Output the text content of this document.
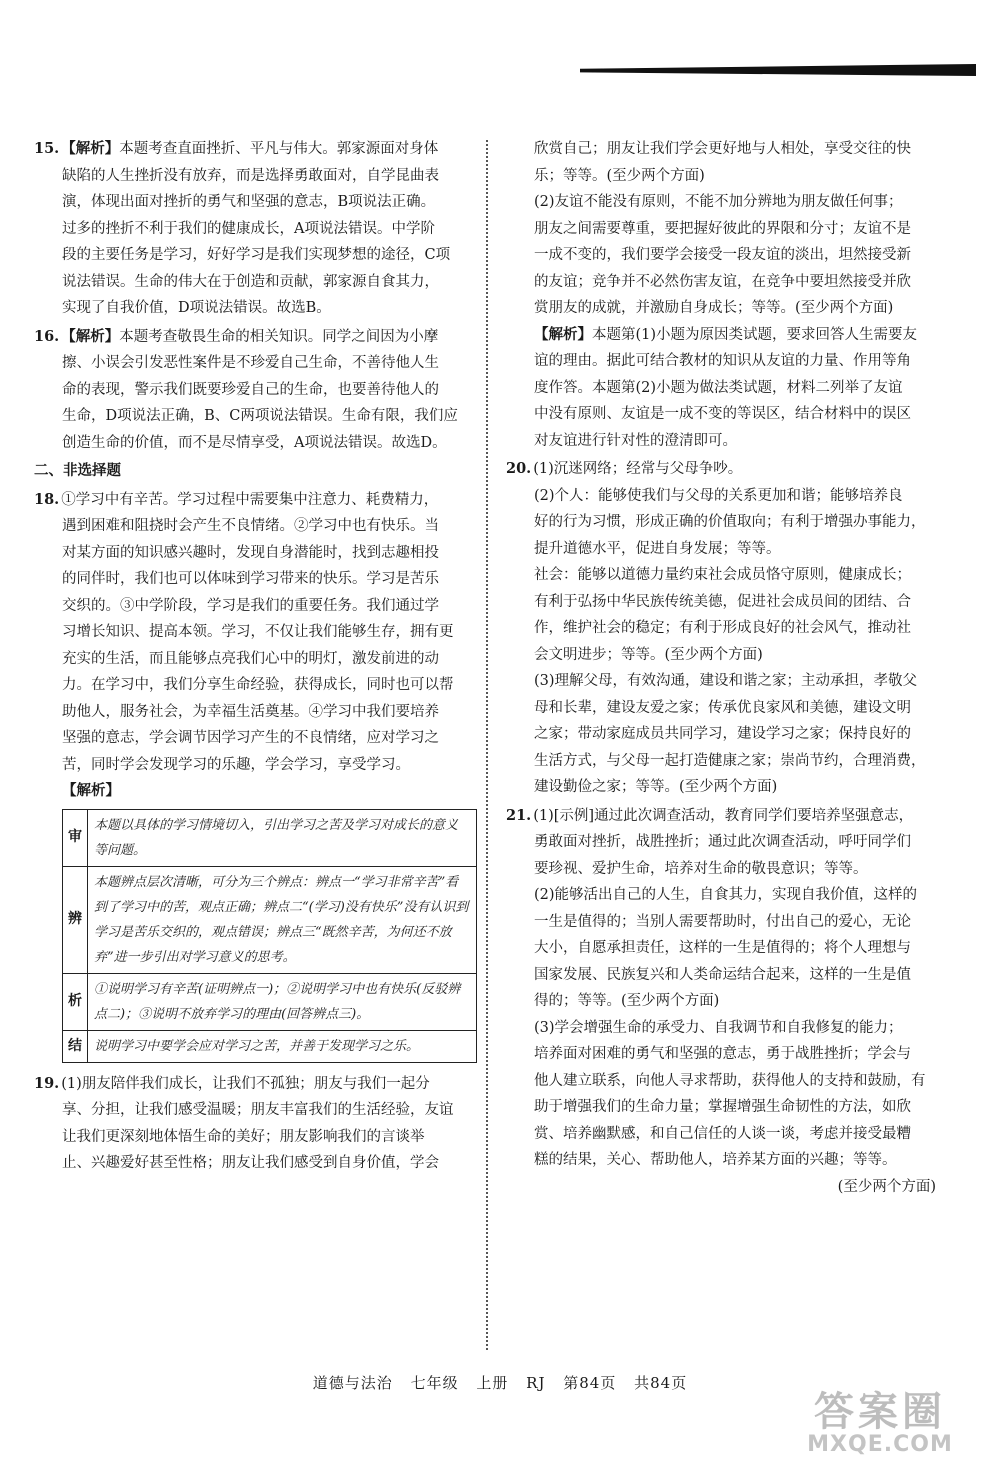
15. 【解析】本题考查直面挫折、平凡与伟大。郭家源面对身体

缺陷的人生挫折没有放弃，而是选择勇敢面对，自学昆曲表

演，体现出面对挫折的勇气和坚强的意志，B项说法正确。

过多的挫折不利于我们的健康成长，A项说法错误。中学阶

段的主要任务是学习，好好学习是我们实现梦想的途径，C项

说法错误。生命的伟大在于创造和贡献，郭家源自食其力，

实现了自我价值，D项说法错误。故选B。

16. 【解析】本题考查敬畏生命的相关知识。同学之间因为小摩

擦、小误会引发恶性案件是不珍爱自己生命，不善待他人生

命的表现，警示我们既要珍爱自己的生命，也要善待他人的

生命，D项说法正确，B、C两项说法错误。生命有限，我们应

创造生命的价值，而不是尽情享受，A项说法错误。故选D。

二、非选择题

18. ①学习中有辛苦。学习过程中需要集中注意力、耗费精力，

遇到困难和阻挠时会产生不良情绪。②学习中也有快乐。当

对某方面的知识感兴趣时，发现自身潜能时，找到志趣相投

的同伴时，我们也可以体味到学习带来的快乐。学习是苦乐

交织的。③中学阶段，学习是我们的重要任务。我们通过学

习增长知识、提高本领。学习，不仅让我们能够生存，拥有更

充实的生活，而且能够点亮我们心中的明灯，激发前进的动

力。在学习中，我们分享生命经验，获得成长，同时也可以帮

助他人，服务社会，为幸福生活奠基。④学习中我们要培养

坚强的意志，学会调节因学习产生的不良情绪，应对学习之

苦，同时学会发现学习的乐趣，学会学习，享受学习。

【解析】

审	本题以具体的学习情境切入，引出学习之苦及学习对成长的意义等问题。
辨	本题辨点层次清晰，可分为三个辨点：辨点一“学习非常辛苦”看到了学习中的苦，观点正确；辨点二“(学习)没有快乐”没有认识到学习是苦乐交织的，观点错误；辨点三“既然辛苦，为何还不放弃”进一步引出对学习意义的思考。
析	①说明学习有辛苦(证明辨点一)；②说明学习中也有快乐(反驳辨点二)；③说明不放弃学习的理由(回答辨点三)。
结	说明学习中要学会应对学习之苦，并善于发现学习之乐。

19. (1)朋友陪伴我们成长，让我们不孤独；朋友与我们一起分

享、分担，让我们感受温暖；朋友丰富我们的生活经验，友谊

让我们更深刻地体悟生命的美好；朋友影响我们的言谈举

止、兴趣爱好甚至性格；朋友让我们感受到自身价值，学会

欣赏自己；朋友让我们学会更好地与人相处，享受交往的快

乐；等等。(至少两个方面)

(2)友谊不能没有原则，不能不加分辨地为朋友做任何事；

朋友之间需要尊重，要把握好彼此的界限和分寸；友谊不是

一成不变的，我们要学会接受一段友谊的淡出，坦然接受新

的友谊；竞争并不必然伤害友谊，在竞争中要坦然接受并欣

赏朋友的成就，并激励自身成长；等等。(至少两个方面)

【解析】本题第(1)小题为原因类试题，要求回答人生需要友

谊的理由。据此可结合教材的知识从友谊的力量、作用等角

度作答。本题第(2)小题为做法类试题，材料二列举了友谊

中没有原则、友谊是一成不变的等误区，结合材料中的误区

对友谊进行针对性的澄清即可。

20. (1)沉迷网络；经常与父母争吵。

(2)个人：能够使我们与父母的关系更加和谐；能够培养良

好的行为习惯，形成正确的价值取向；有利于增强办事能力，

提升道德水平，促进自身发展；等等。

社会：能够以道德力量约束社会成员恪守原则，健康成长；

有利于弘扬中华民族传统美德，促进社会成员间的团结、合

作，维护社会的稳定；有利于形成良好的社会风气，推动社

会文明进步；等等。(至少两个方面)

(3)理解父母，有效沟通，建设和谐之家；主动承担，孝敬父

母和长辈，建设友爱之家；传承优良家风和美德，建设文明

之家；带动家庭成员共同学习，建设学习之家；保持良好的

生活方式，与父母一起打造健康之家；崇尚节约，合理消费，

建设勤俭之家；等等。(至少两个方面)

21. (1)[示例]通过此次调查活动，教育同学们要培养坚强意志，

勇敢面对挫折，战胜挫折；通过此次调查活动，呼吁同学们

要珍视、爱护生命，培养对生命的敬畏意识；等等。

(2)能够活出自己的人生，自食其力，实现自我价值，这样的

一生是值得的；当别人需要帮助时，付出自己的爱心，无论

大小，自愿承担责任，这样的一生是值得的；将个人理想与

国家发展、民族复兴和人类命运结合起来，这样的一生是值

得的；等等。(至少两个方面)

(3)学会增强生命的承受力、自我调节和自我修复的能力；

培养面对困难的勇气和坚强的意志，勇于战胜挫折；学会与

他人建立联系，向他人寻求帮助，获得他人的支持和鼓励，有

助于增强我们的生命力量；掌握增强生命韧性的方法，如欣

赏、培养幽默感，和自己信任的人谈一谈，考虑并接受最糟

糕的结果，关心、帮助他人，培养某方面的兴趣；等等。

(至少两个方面)

道德与法治 七年级 上册 RJ 第84页 共84页
答案圈
MXQE.COM
